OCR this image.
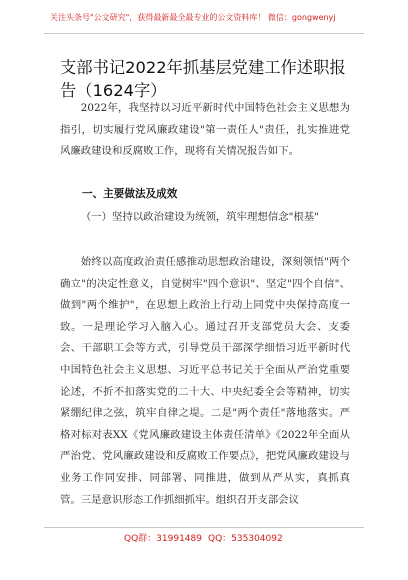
关注头条号"公文研究"，获得最新最全最专业的公文资料库！ 微信：gongwenyj
支部书记2022年抓基层党建工作述职报告（1624字）
2022年，我坚持以习近平新时代中国特色社会主义思想为指引，切实履行党风廉政建设"第一责任人"责任，扎实推进党风廉政建设和反腐败工作，现将有关情况报告如下。
一、主要做法及成效
（一）坚持以政治建设为统领，筑牢理想信念"根基"
始终以高度政治责任感推动思想政治建设，深刻领悟"两个确立"的决定性意义，自觉树牢"四个意识"、坚定"四个自信"、做到"两个维护"，在思想上政治上行动上同党中央保持高度一致。一是理论学习入脑入心。通过召开支部党员大会、支委会、干部职工会等方式，引导党员干部深学细悟习近平新时代中国特色社会主义思想、习近平总书记关于全面从严治党重要论述，不折不扣落实党的二十大、中央纪委全会等精神，切实紧绷纪律之弦，筑牢自律之堤。二是"两个责任"落地落实。严格对标对表XX《党风廉政建设主体责任清单》《2022年全面从严治党、党风廉政建设和反腐败工作要点》，把党风廉政建设与业务工作同安排、同部署、同推进，做到从严从实，真抓真管。三是意识形态工作抓细抓牢。组织召开支部会议
QQ群：31991489 QQ：535304092
